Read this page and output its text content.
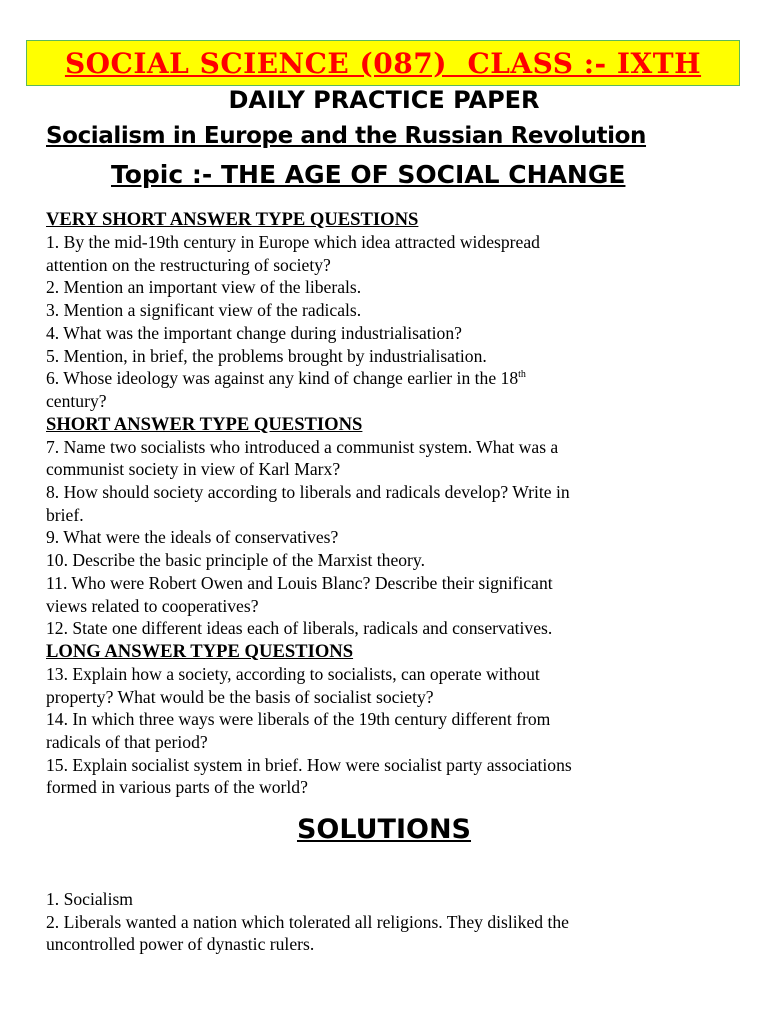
SOCIAL SCIENCE (087)  CLASS :- IXTH
DAILY PRACTICE PAPER
Socialism in Europe and the Russian Revolution
Topic :- THE AGE OF SOCIAL CHANGE
VERY SHORT ANSWER TYPE QUESTIONS

1. By the mid-19th century in Europe which idea attracted widespread

attention on the restructuring of society?

2. Mention an important view of the liberals.

3. Mention a significant view of the radicals.

4. What was the important change during industrialisation?

5. Mention, in brief, the problems brought by industrialisation.

6. Whose ideology was against any kind of change earlier in the 18th

century?

SHORT ANSWER TYPE QUESTIONS

7. Name two socialists who introduced a communist system. What was a

communist society in view of Karl Marx?

8. How should society according to liberals and radicals develop? Write in

brief.

9. What were the ideals of conservatives?

10. Describe the basic principle of the Marxist theory.

11. Who were Robert Owen and Louis Blanc? Describe their significant

views related to cooperatives?

12. State one different ideas each of liberals, radicals and conservatives.

LONG ANSWER TYPE QUESTIONS

13. Explain how a society, according to socialists, can operate without

property? What would be the basis of socialist society?

14. In which three ways were liberals of the 19th century different from

radicals of that period?

15. Explain socialist system in brief. How were socialist party associations

formed in various parts of the world?

SOLUTIONS

1. Socialism

2. Liberals wanted a nation which tolerated all religions. They disliked the

uncontrolled power of dynastic rulers.
